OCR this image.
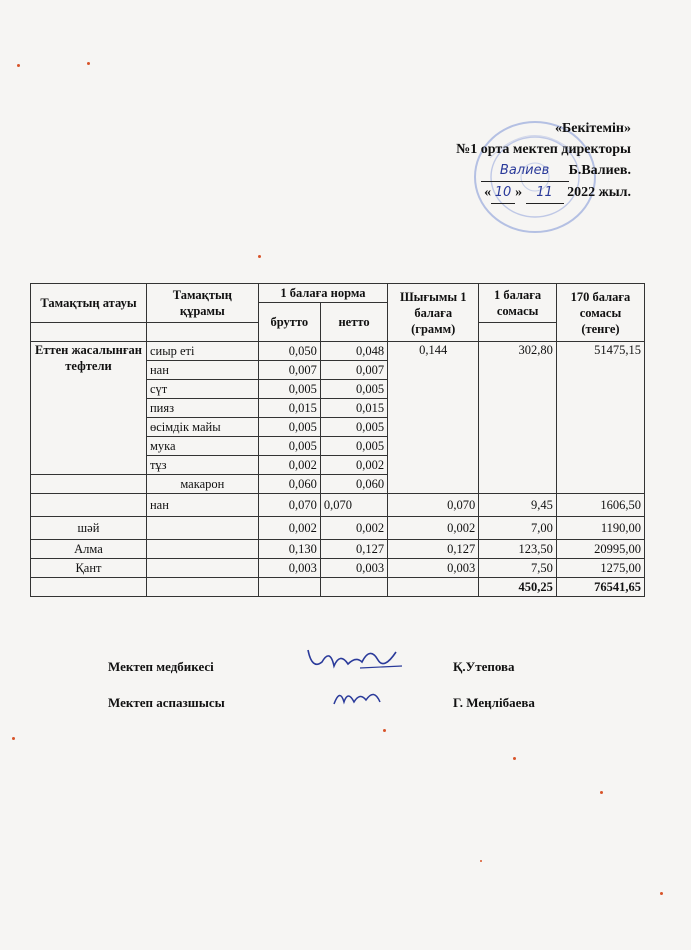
«Бекітемін»
№1 орта мектеп директоры
Валиев Б.Валиев.
« 10 » 11 2022 жыл.
Тамақтың атауы	Тамақтың құрамы	1 балаға норма		Шығымы 1 балаға (грамм)	1 балаға сомасы	170 балаға сомасы (тенге)
		брутто	нетто			

Еттен жасалынған тефтели	сиыр еті	0,050	0,048	0,144	302,80	51475,15
	нан	0,007	0,007			
	сүт	0,005	0,005			
	пияз	0,015	0,015			
	өсімдік майы	0,005	0,005			
	мука	0,005	0,005			
	тұз	0,002	0,002			
	макарон	0,060	0,060			
	нан	0,070	0,070	0,070	9,45	1606,50
шәй		0,002	0,002	0,002	7,00	1190,00
Алма		0,130	0,127	0,127	123,50	20995,00
Қант		0,003	0,003	0,003	7,50	1275,00
					450,25	76541,65
Мектеп медбикесі	Қ.Утепова
Мектеп аспазшысы	Г. Меңлібаева
